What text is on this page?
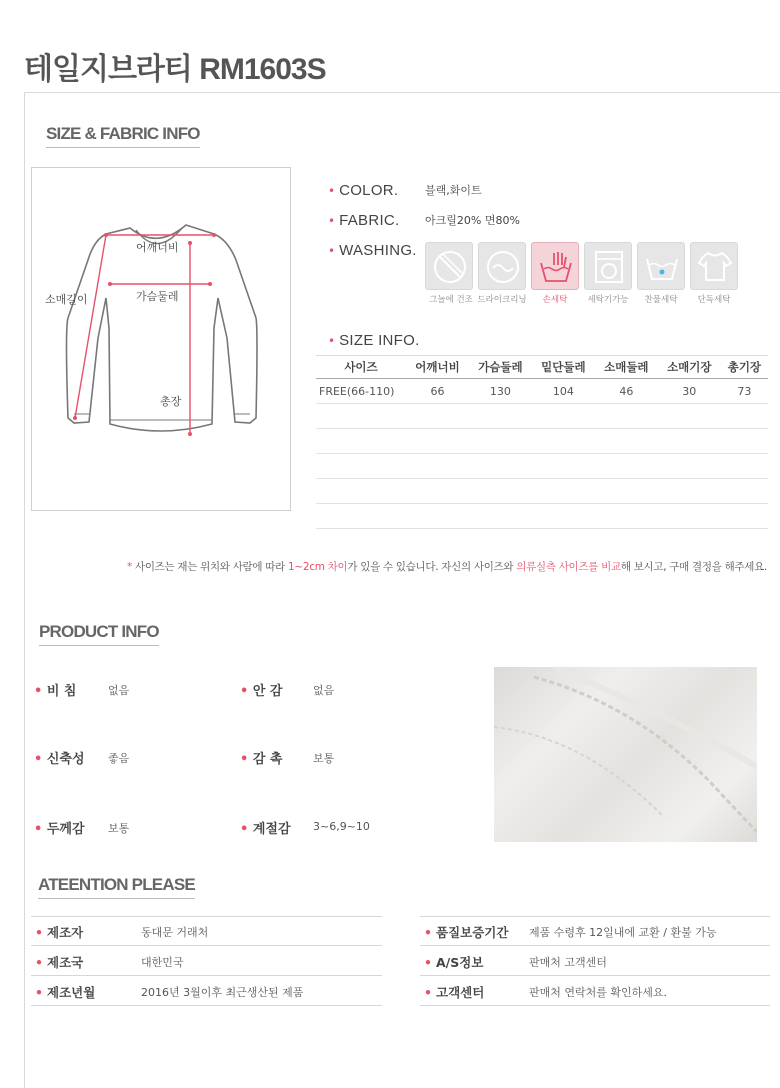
테일지브라티 RM1603S
SIZE & FABRIC INFO
어깨너비
소매길이	가슴둘레
총장
• COLOR. 블랙,화이트
• FABRIC. 아크릴20% 면80%
• WASHING.
그늘에 건조 드라이크리닝	손세탁	세탁기가능	찬물세탁	단독세탁
• SIZE INFO.
사이즈	어깨너비	가슴둘레	밑단둘레	소매둘레	소매기장	총기장
FREE(66-110)	66	130	104	46	30	73

* 사이즈는 재는 위치와 사람에 따라 1~2cm 차이가 있을 수 있습니다. 자신의 사이즈와 의류실측 사이즈를 비교해 보시고, 구매 결정을 해주세요.
PRODUCT INFO
• 비 침	없음	• 안 감	없음
• 신축성 좋음	• 감 촉	보통
• 두께감 보통	• 계절감 3~6,9~10
ATEENTION PLEASE
• 제조자	동대문 거래처
• 제조국	대한민국
• 제조년월	2016년 3월이후 최근생산된 제품
• 품질보증기간 제품 수령후 12일내에 교환 / 환불 가능
• A/S정보	판매처 고객센터
• 고객센터	판매처 연락처를 확인하세요.
